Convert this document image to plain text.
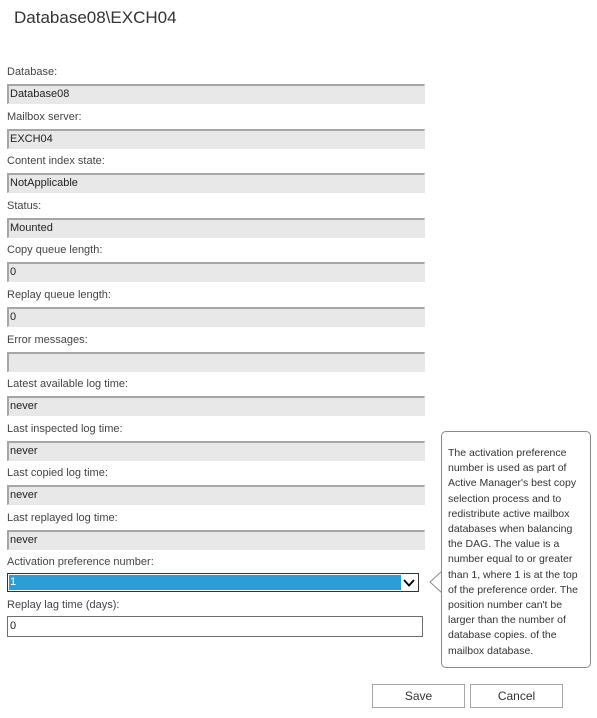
Database08\EXCH04
Database:
Database08
Mailbox server:
EXCH04
Content index state:
NotApplicable
Status:
Mounted
Copy queue length:
0
Replay queue length:
0
Error messages:
Latest available log time:
never
Last inspected log time:
never
Last copied log time:
never
Last replayed log time:
never
Activation preference number:
1
Replay lag time (days):
0
The activation preference number is used as part of Active Manager's best copy selection process and to redistribute active mailbox databases when balancing the DAG. The value is a number equal to or greater than 1, where 1 is at the top of the preference order. The position number can't be larger than the number of database copies. of the mailbox database.
Save	Cancel
